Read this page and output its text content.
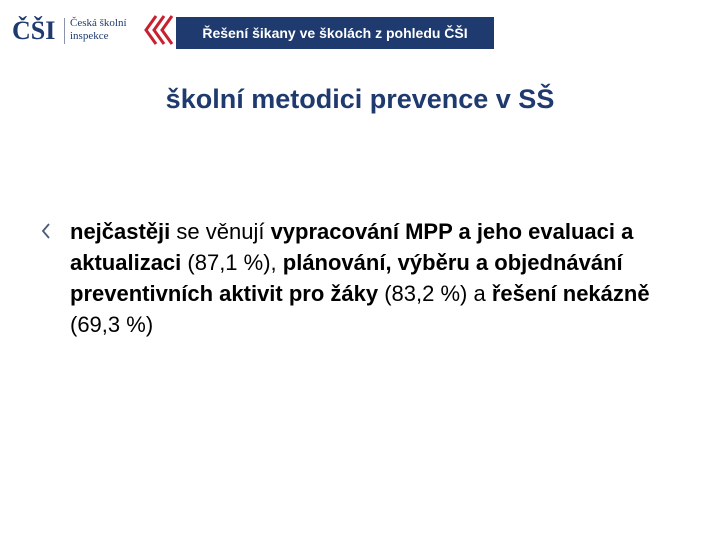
ČŠI Česká školní
inspekce	Řešení šikany ve školách z pohledu ČŠI
školní metodici prevence v SŠ
nejčastěji se věnují vypracování MPP a jeho evaluaci a aktualizaci (87,1 %), plánování, výběru a objednávání preventivních aktivit pro žáky (83,2 %) a řešení nekázně (69,3 %)
